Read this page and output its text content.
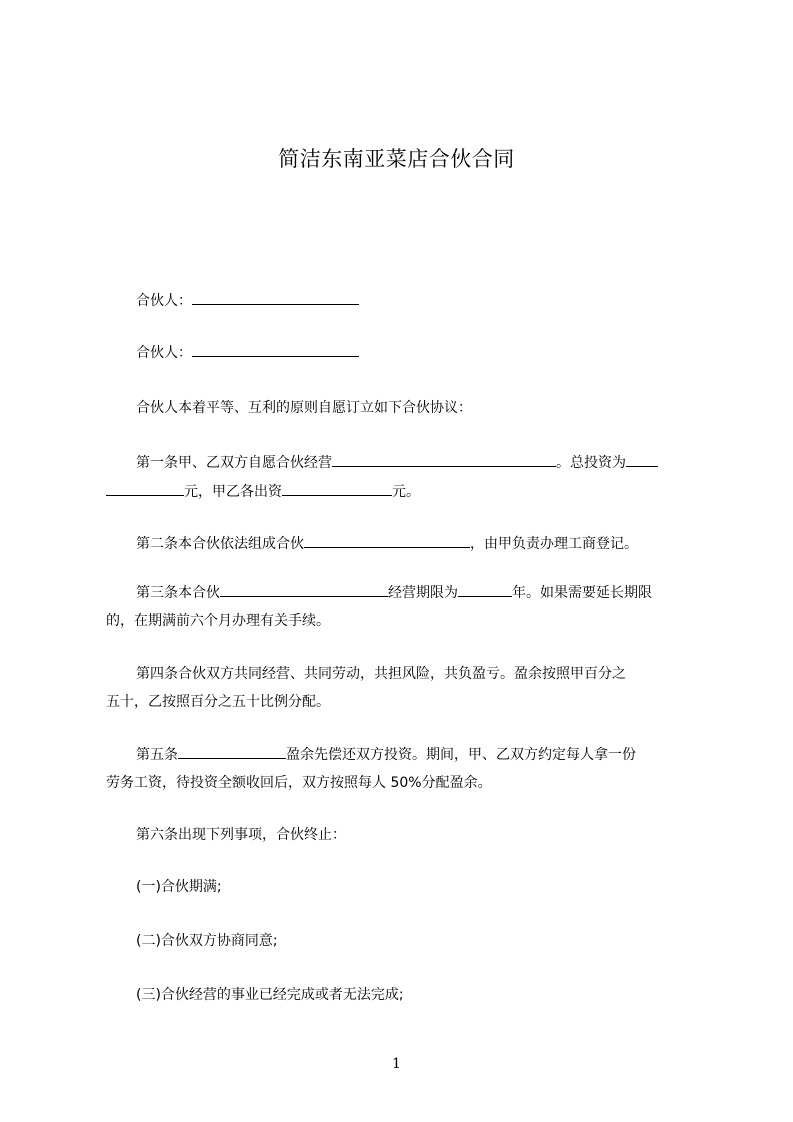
简洁东南亚菜店合伙合同
合伙人：
合伙人：
合伙人本着平等、互利的原则自愿订立如下合伙协议：
第一条甲、乙双方自愿合伙经营	。总投资为
元，甲乙各出资	元。
第二条本合伙依法组成合伙	，由甲负责办理工商登记。
第三条本合伙	经营期限为	年。如果需要延长期限
的，在期满前六个月办理有关手续。
第四条合伙双方共同经营、共同劳动，共担风险，共负盈亏。盈余按照甲百分之
五十，乙按照百分之五十比例分配。
第五条	盈余先偿还双方投资。期间，甲、乙双方约定每人拿一份
劳务工资，待投资全额收回后，双方按照每人 50%分配盈余。
第六条出现下列事项，合伙终止：
(一)合伙期满;
(二)合伙双方协商同意;
(三)合伙经营的事业已经完成或者无法完成;
1
